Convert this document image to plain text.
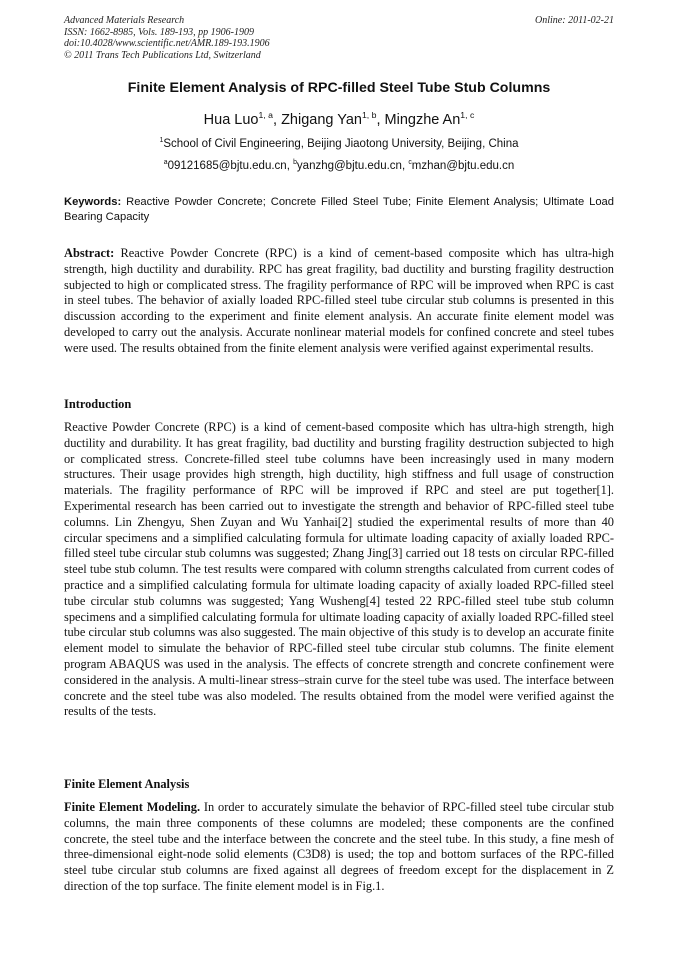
Advanced Materials Research
ISSN: 1662-8985, Vols. 189-193, pp 1906-1909
doi:10.4028/www.scientific.net/AMR.189-193.1906
© 2011 Trans Tech Publications Ltd, Switzerland
Online: 2011-02-21
Finite Element Analysis of RPC-filled Steel Tube Stub Columns
Hua Luo$^{1, a}$, Zhigang Yan$^{1, b}$, Mingzhe An$^{1, c}$
$^1$School of Civil Engineering, Beijing Jiaotong University, Beijing, China
$^a$09121685@bjtu.edu.cn, $^b$yanzhg@bjtu.edu.cn, $^c$mzhan@bjtu.edu.cn
Keywords: Reactive Powder Concrete; Concrete Filled Steel Tube; Finite Element Analysis; Ultimate Load Bearing Capacity
Abstract: Reactive Powder Concrete (RPC) is a kind of cement-based composite which has ultra-high strength, high ductility and durability. RPC has great fragility, bad ductility and bursting fragility destruction subjected to high or complicated stress. The fragility performance of RPC will be improved when RPC is cast in steel tubes. The behavior of axially loaded RPC-filled steel tube circular stub columns is presented in this discussion according to the experiment and finite element analysis. An accurate finite element model was developed to carry out the analysis. Accurate nonlinear material models for confined concrete and steel tubes were used. The results obtained from the finite element analysis were verified against experimental results.
Introduction
Reactive Powder Concrete (RPC) is a kind of cement-based composite which has ultra-high strength, high ductility and durability. It has great fragility, bad ductility and bursting fragility destruction subjected to high or complicated stress. Concrete-filled steel tube columns have been increasingly used in many modern structures. Their usage provides high strength, high ductility, high stiffness and full usage of construction materials. The fragility performance of RPC will be improved if RPC and steel are put together[1]. Experimental research has been carried out to investigate the strength and behavior of RPC-filled steel tube columns. Lin Zhengyu, Shen Zuyan and Wu Yanhai[2] studied the experimental results of more than 40 circular specimens and a simplified calculating formula for ultimate loading capacity of axially loaded RPC-filled steel tube circular stub columns was suggested; Zhang Jing[3] carried out 18 tests on circular RPC-filled steel tube stub column. The test results were compared with column strengths calculated from current codes of practice and a simplified calculating formula for ultimate loading capacity of axially loaded RPC-filled steel tube circular stub columns was suggested; Yang Wusheng[4] tested 22 RPC-filled steel tube stub column specimens and a simplified calculating formula for ultimate loading capacity of axially loaded RPC-filled steel tube circular stub columns was also suggested. The main objective of this study is to develop an accurate finite element model to simulate the behavior of RPC-filled steel tube circular stub columns. The finite element program ABAQUS was used in the analysis. The effects of concrete strength and concrete confinement were considered in the analysis. A multi-linear stress–strain curve for the steel tube was used. The interface between concrete and the steel tube was also modeled. The results obtained from the model were verified against the results of the tests.
Finite Element Analysis
Finite Element Modeling. In order to accurately simulate the behavior of RPC-filled steel tube circular stub columns, the main three components of these columns are modeled; these components are the confined concrete, the steel tube and the interface between the concrete and the steel tube. In this study, a fine mesh of three-dimensional eight-node solid elements (C3D8) is used; the top and bottom surfaces of the RPC-filled steel tube circular stub columns are fixed against all degrees of freedom except for the displacement in Z direction of the top surface. The finite element model is in Fig.1.
